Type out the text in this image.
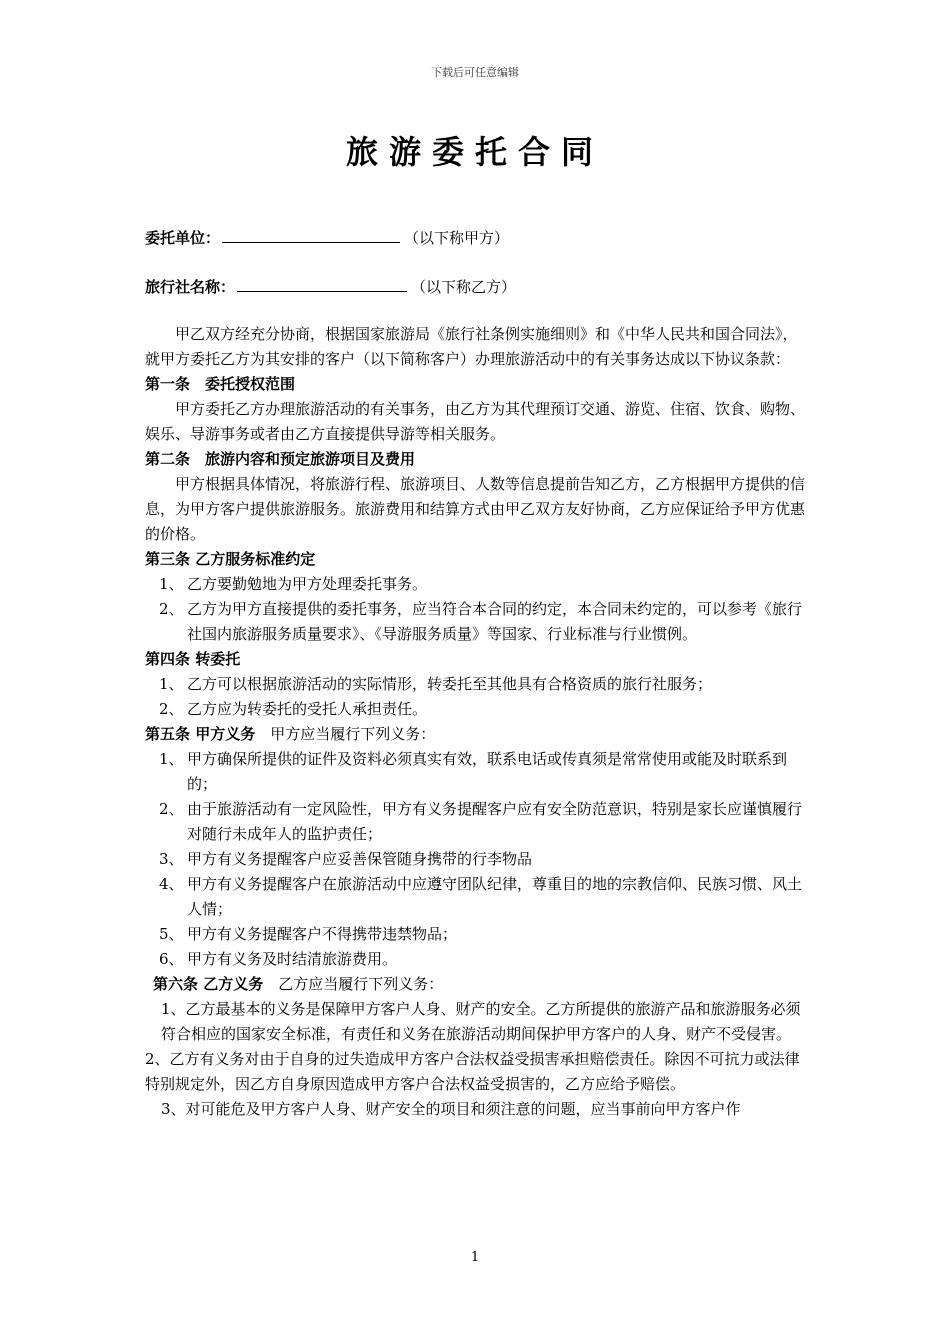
下载后可任意编辑
旅游委托合同
委托单位：	（以下称甲方）
旅行社名称：	（以下称乙方）

甲乙双方经充分协商，根据国家旅游局《旅行社条例实施细则》和《中华人民共和国合同法》，就甲方委托乙方为其安排的客户（以下简称客户）办理旅游活动中的有关事务达成以下协议条款：

第一条　委托授权范围

甲方委托乙方办理旅游活动的有关事务，由乙方为其代理预订交通、游览、住宿、饮食、购物、娱乐、导游事务或者由乙方直接提供导游等相关服务。

第二条　旅游内容和预定旅游项目及费用

甲方根据具体情况，将旅游行程、旅游项目、人数等信息提前告知乙方，乙方根据甲方提供的信息，为甲方客户提供旅游服务。旅游费用和结算方式由甲乙双方友好协商，乙方应保证给予甲方优惠的价格。

第三条 乙方服务标准约定

1、 乙方要勤勉地为甲方处理委托事务。
2、 乙方为甲方直接提供的委托事务，应当符合本合同的约定，本合同未约定的，可以参考《旅行社国内旅游服务质量要求》、《导游服务质量》等国家、行业标准与行业惯例。

第四条 转委托

1、 乙方可以根据旅游活动的实际情形，转委托至其他具有合格资质的旅行社服务；
2、 乙方应为转委托的受托人承担责任。

第五条 甲方义务　 甲方应当履行下列义务：

1、 甲方确保所提供的证件及资料必须真实有效，联系电话或传真须是常常使用或能及时联系到的；
2、 由于旅游活动有一定风险性，甲方有义务提醒客户应有安全防范意识，特别是家长应谨慎履行对随行未成年人的监护责任；
3、 甲方有义务提醒客户应妥善保管随身携带的行李物品
4、 甲方有义务提醒客户在旅游活动中应遵守团队纪律，尊重目的地的宗教信仰、民族习惯、风土人情；
5、 甲方有义务提醒客户不得携带违禁物品；
6、 甲方有义务及时结清旅游费用。

第六条 乙方义务　 乙方应当履行下列义务：

1、乙方最基本的义务是保障甲方客户人身、财产的安全。乙方所提供的旅游产品和旅游服务必须符合相应的国家安全标准，有责任和义务在旅游活动期间保护甲方客户的人身、财产不受侵害。

2、乙方有义务对由于自身的过失造成甲方客户合法权益受损害承担赔偿责任。除因不可抗力或法律特别规定外，因乙方自身原因造成甲方客户合法权益受损害的，乙方应给予赔偿。

3、对可能危及甲方客户人身、财产安全的项目和须注意的问题，应当事前向甲方客户作

1
